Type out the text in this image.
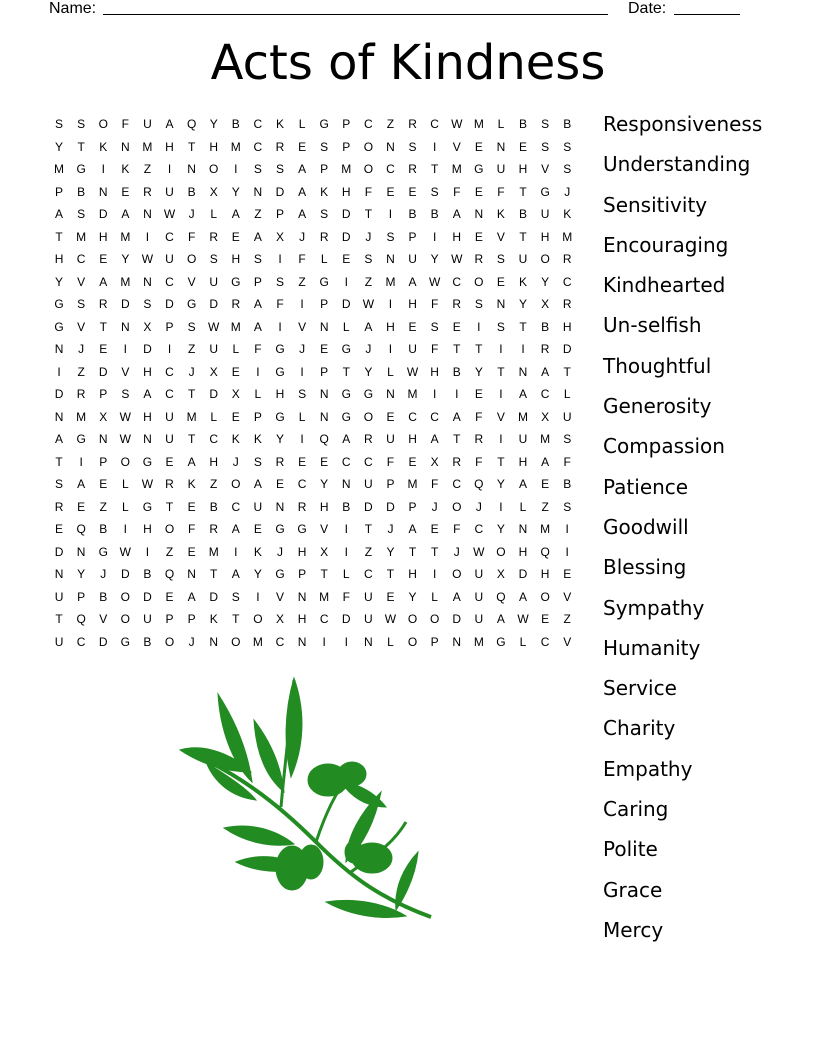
Name:	Date:
Acts of Kindness
S	S	O	F	U	A	Q	Y	B	C	K	L	G	P	C	Z	R	C	W M	L	B	S	B
Y	T	K	N	M	H	T	H	M	C	R	E	S	P	O	N	S	I	V	E	N	E	S	S
M	G	I	K	Z	I	N	O	I	S	S	A	P	M	O	C	R	T	M	G	U	H	V	S
P	B	N	E	R	U	B	X	Y	N	D	A	K	H	F	E	E	S	F	E	F	T	G	J
A	S	D	A	N	W	J	L	A	Z	P	A	S	D	T	I	B	B	A	N	K	B	U	K
T	M	H	M	I	C	F	R	E	A	X	J	R	D	J	S	P	I	H	E	V	T	H	M
H	C	E	Y	W	U	O	S	H	S	I	F	L	E	S	N	U	Y	W	R	S	U	O	R
Y	V	A	M	N	C	V	U	G	P	S	Z	G	I	Z	M	A	W	C	O	E	K	Y	C
G	S	R	D	S	D	G	D	R	A	F	I	P	D	W	I	H	F	R	S	N	Y	X	R
G	V	T	N	X	P	S	W M	A	I	V	N	L	A	H	E	S	E	I	S	T	B	H
N	J	E	I	D	I	Z	U	L	F	G	J	E	G	J	I	U	F	T	T	I	I	R	D
I	Z	D	V	H	C	J	X	E	I	G	I	P	T	Y	L	W	H	B	Y	T	N	A	T
D	R	P	S	A	C	T	D	X	L	H	S	N	G	G	N	M	I	I	E	I	A	C	L
N	M	X	W	H	U	M	L	E	P	G	L	N	G	O	E	C	C	A	F	V	M	X	U
A	G	N	W	N	U	T	C	K	K	Y	I	Q	A	R	U	H	A	T	R	I	U	M	S
T	I	P	O	G	E	A	H	J	S	R	E	E	C	C	F	E	X	R	F	T	H	A	F
S	A	E	L	W	R	K	Z	O	A	E	C	Y	N	U	P	M	F	C	Q	Y	A	E	B
R	E	Z	L	G	T	E	B	C	U	N	R	H	B	D	D	P	J	O	J	I	L	Z	S
E	Q	B	I	H	O	F	R	A	E	G	G	V	I	T	J	A	E	F	C	Y	N	M	I
D	N	G W	I	Z	E	M	I	K	J	H	X	I	Z	Y	T	T	J	W O	H	Q	I
N	Y	J	D	B	Q	N	T	A	Y	G	P	T	L	C	T	H	I	O	U	X	D	H	E
U	P	B	O	D	E	A	D	S	I	V	N	M	F	U	E	Y	L	A	U	Q	A	O	V
T	Q	V	O	U	P	P	K	T	O	X	H	C	D	U	W O	O	D	U	A	W	E	Z
U	C	D	G	B	O	J	N	O	M	C	N	I	I	N	L	O	P	N	M	G	L	C	V
Responsiveness
Understanding
Sensitivity
Encouraging
Kindhearted
Un-selfish
Thoughtful
Generosity
Compassion
Patience
Goodwill
Blessing
Sympathy
Humanity
Service
Charity
Empathy
Caring
Polite
Grace
Mercy
